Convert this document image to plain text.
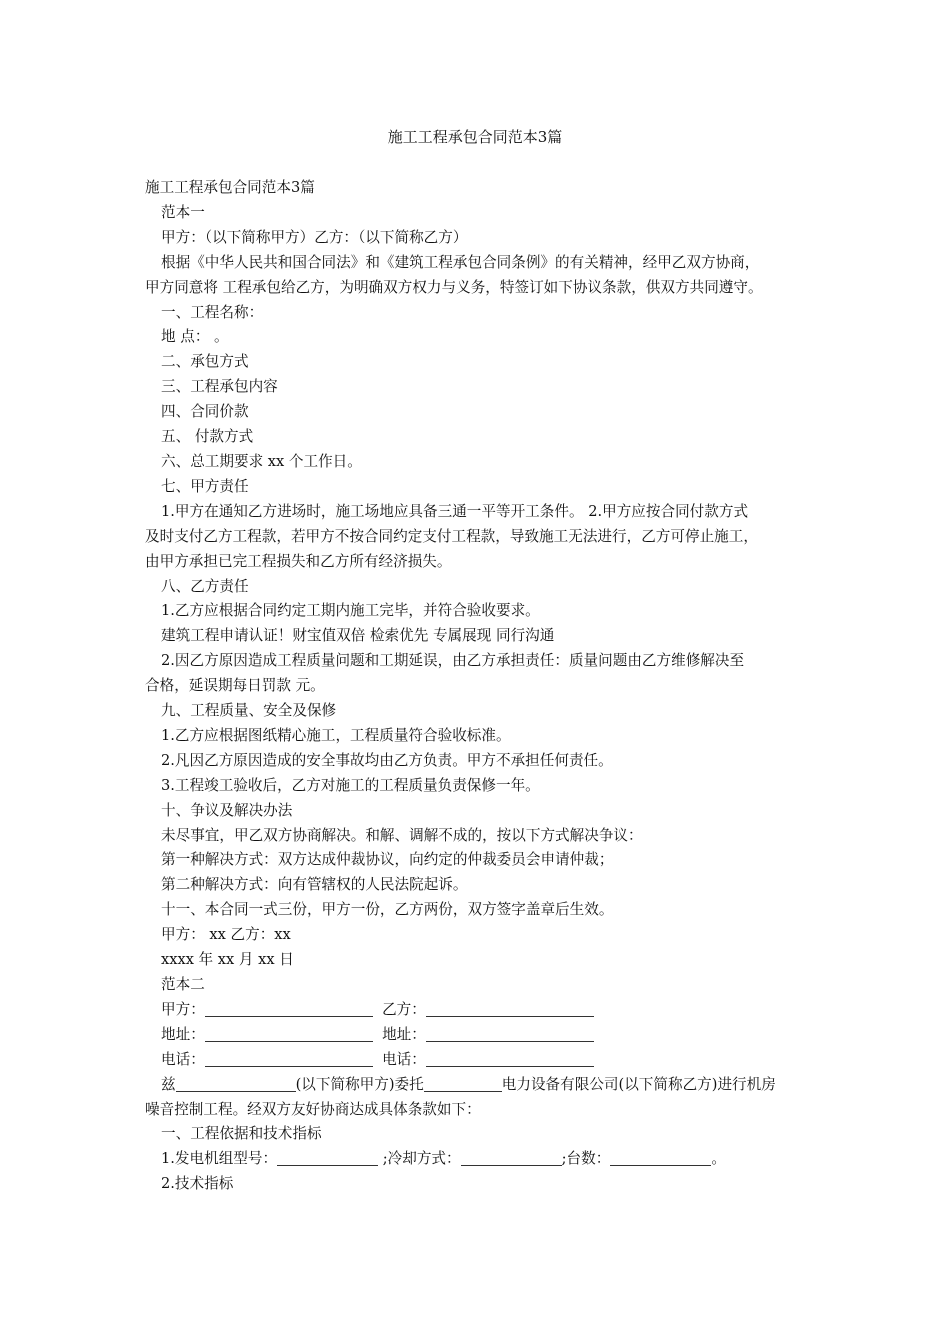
施工工程承包合同范本3篇
施工工程承包合同范本3篇
范本一
甲方：（以下简称甲方）乙方：（以下简称乙方）
根据《中华人民共和国合同法》和《建筑工程承包合同条例》的有关精神，经甲乙双方协商，
甲方同意将 工程承包给乙方，为明确双方权力与义务，特签订如下协议条款，供双方共同遵守。
一、工程名称：
地 点： 。
二、承包方式
三、工程承包内容
四、合同价款
五、 付款方式
六、总工期要求 xx 个工作日。
七、甲方责任
1.甲方在通知乙方进场时，施工场地应具备三通一平等开工条件。 2.甲方应按合同付款方式
及时支付乙方工程款，若甲方不按合同约定支付工程款，导致施工无法进行，乙方可停止施工，
由甲方承担已完工程损失和乙方所有经济损失。
八、乙方责任
1.乙方应根据合同约定工期内施工完毕，并符合验收要求。
建筑工程申请认证！财宝值双倍 检索优先 专属展现 同行沟通
2.因乙方原因造成工程质量问题和工期延误，由乙方承担责任：质量问题由乙方维修解决至
合格，延误期每日罚款 元。
九、工程质量、安全及保修
1.乙方应根据图纸精心施工，工程质量符合验收标准。
2.凡因乙方原因造成的安全事故均由乙方负责。甲方不承担任何责任。
3.工程竣工验收后，乙方对施工的工程质量负责保修一年。
十、争议及解决办法
未尽事宜，甲乙双方协商解决。和解、调解不成的，按以下方式解决争议：
第一种解决方式：双方达成仲裁协议，向约定的仲裁委员会申请仲裁；
第二种解决方式：向有管辖权的人民法院起诉。
十一、本合同一式三份，甲方一份，乙方两份，双方签字盖章后生效。
甲方： xx 乙方：xx
xxxx 年 xx 月 xx 日
范本二
甲方：	乙方：
地址：	地址：
电话：	电话：
兹	(以下简称甲方)委托	电力设备有限公司(以下简称乙方)进行机房
噪音控制工程。经双方友好协商达成具体条款如下：
一、工程依据和技术指标
1.发电机组型号：	;冷却方式：	;台数：	。
2.技术指标
